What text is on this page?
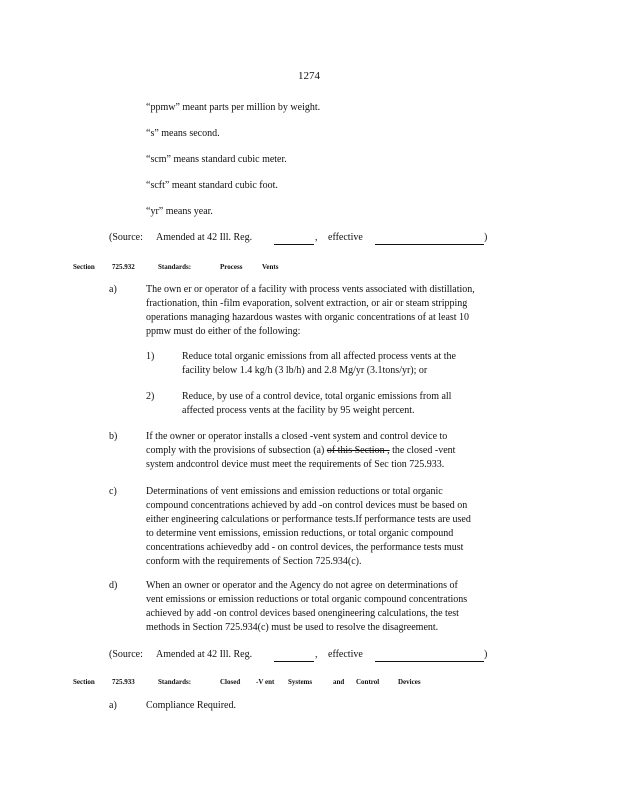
1274
“ppmw” meant parts per million by weight.
“s” means second.
“scm” means standard cubic meter.
“scft” meant standard cubic foot.
“yr” means year.
(Source: Amended at 42 Ill. Reg.	, effective	)
Section 725.932	Standards:	Process	Vents
a)	The own er or operator of a facility with process vents associated with distillation,
fractionation, thin -film evaporation, solvent extraction, or air or steam stripping
operations managing hazardous wastes with organic concentrations of at least 10
ppmw must do either of the following:
1)	Reduce total organic emissions from all affected process vents at the
facility below 1.4 kg/h (3 lb/h) and 2.8 Mg/yr (3.1tons/yr); or
2)	Reduce, by use of a control device, total organic emissions from all
affected process vents at the facility by 95 weight percent.
b)	If the owner or operator installs a closed -vent system and control device to
comply with the provisions of subsection (a) of this Section , the closed -vent
system andcontrol device must meet the requirements of Sec tion 725.933.
c)	Determinations of vent emissions and emission reductions or total organic
compound concentrations achieved by add -on control devices must be based on
either engineering calculations or performance tests.If performance tests are used
to determine vent emissions, emission reductions, or total organic compound
concentrations achievedby add - on control devices, the performance tests must
conform with the requirements of Section 725.934(c).
d)	When an owner or operator and the Agency do not agree on determinations of
vent emissions or emission reductions or total organic compound concentrations
achieved by add -on control devices based onengineering calculations, the test
methods in Section 725.934(c) must be used to resolve the disagreement.
(Source: Amended at 42 Ill. Reg.	, effective	)
Section 725.933	Standards:	Closed -V ent Systems	and Control	Devices
a)	Compliance Required.
